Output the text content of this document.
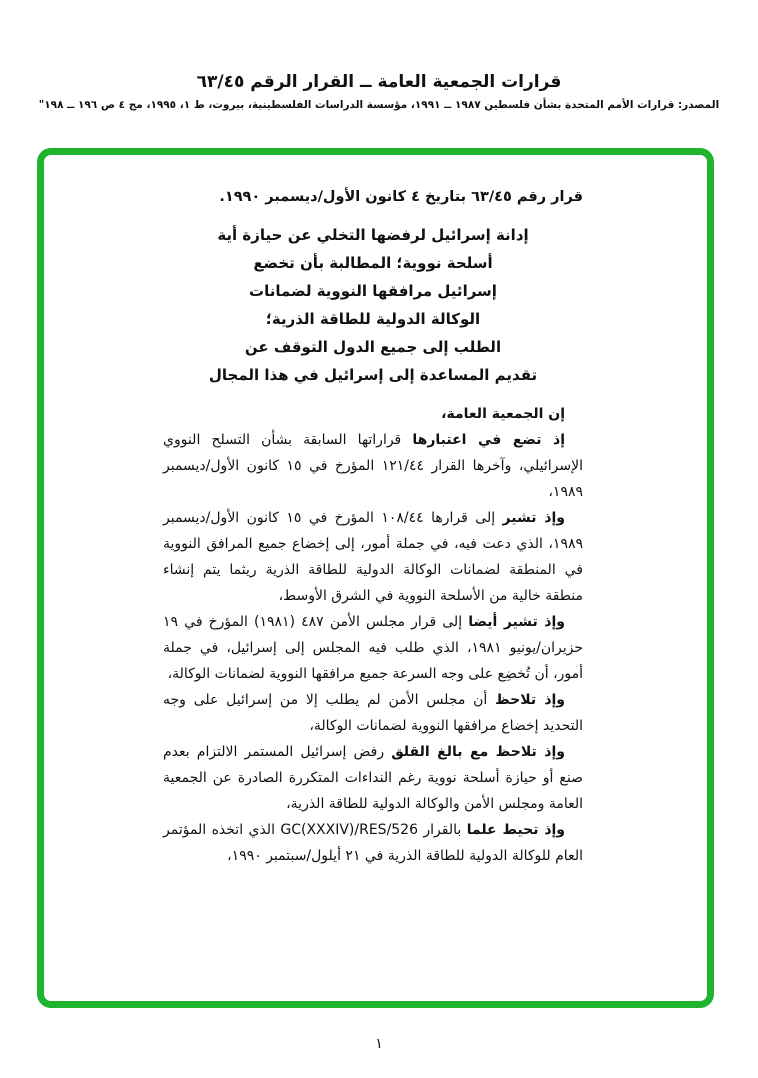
قرارات الجمعية العامة ــ القرار الرقم ٦٣/٤٥
المصدر: قرارات الأمم المتحدة بشأن فلسطين ١٩٨٧ ــ ١٩٩١، مؤسسة الدراسات الفلسطينية، بيروت، ط ١، ١٩٩٥، مج ٤ ص ١٩٦ ــ ١٩٨"
قرار رقم ٦٣/٤٥ بتاريخ ٤ كانون الأول/ديسمبر ١٩٩٠.
إدانة إسرائيل لرفضها التخلي عن حيازة أية
أسلحة نووية؛ المطالبة بأن تخضع
إسرائيل مرافقها النووية لضمانات
الوكالة الدولية للطاقة الذرية؛
الطلب إلى جميع الدول التوقف عن
تقديم المساعدة إلى إسرائيل في هذا المجال
إن الجمعية العامة،

إذ تضع في اعتبارها قراراتها السابقة بشأن التسلح النووي الإسرائيلي، وآخرها القرار ١٢١/٤٤ المؤرخ في ١٥ كانون الأول/ديسمبر ١٩٨٩،

وإذ تشير إلى قرارها ١٠٨/٤٤ المؤرخ في ١٥ كانون الأول/ديسمبر ١٩٨٩، الذي دعت فيه، في جملة أمور، إلى إخضاع جميع المرافق النووية في المنطقة لضمانات الوكالة الدولية للطاقة الذرية ريثما يتم إنشاء منطقة خالية من الأسلحة النووية في الشرق الأوسط،

وإذ تشير أيضا إلى قرار مجلس الأمن ٤٨٧ (١٩٨١) المؤرخ في ١٩ حزيران/يونيو ١٩٨١، الذي طلب فيه المجلس إلى إسرائيل، في جملة أمور، أن تُخضِع على وجه السرعة جميع مرافقها النووية لضمانات الوكالة،

وإذ تلاحظ أن مجلس الأمن لم يطلب إلا من إسرائيل على وجه التحديد إخضاع مرافقها النووية لضمانات الوكالة،

وإذ تلاحظ مع بالغ القلق رفض إسرائيل المستمر الالتزام بعدم صنع أو حيازة أسلحة نووية رغم النداءات المتكررة الصادرة عن الجمعية العامة ومجلس الأمن والوكالة الدولية للطاقة الذرية،

وإذ تحيط علما بالقرار GC(XXXIV)/RES/526 الذي اتخذه المؤتمر العام للوكالة الدولية للطاقة الذرية في ٢١ أيلول/سبتمبر ١٩٩٠،

١
